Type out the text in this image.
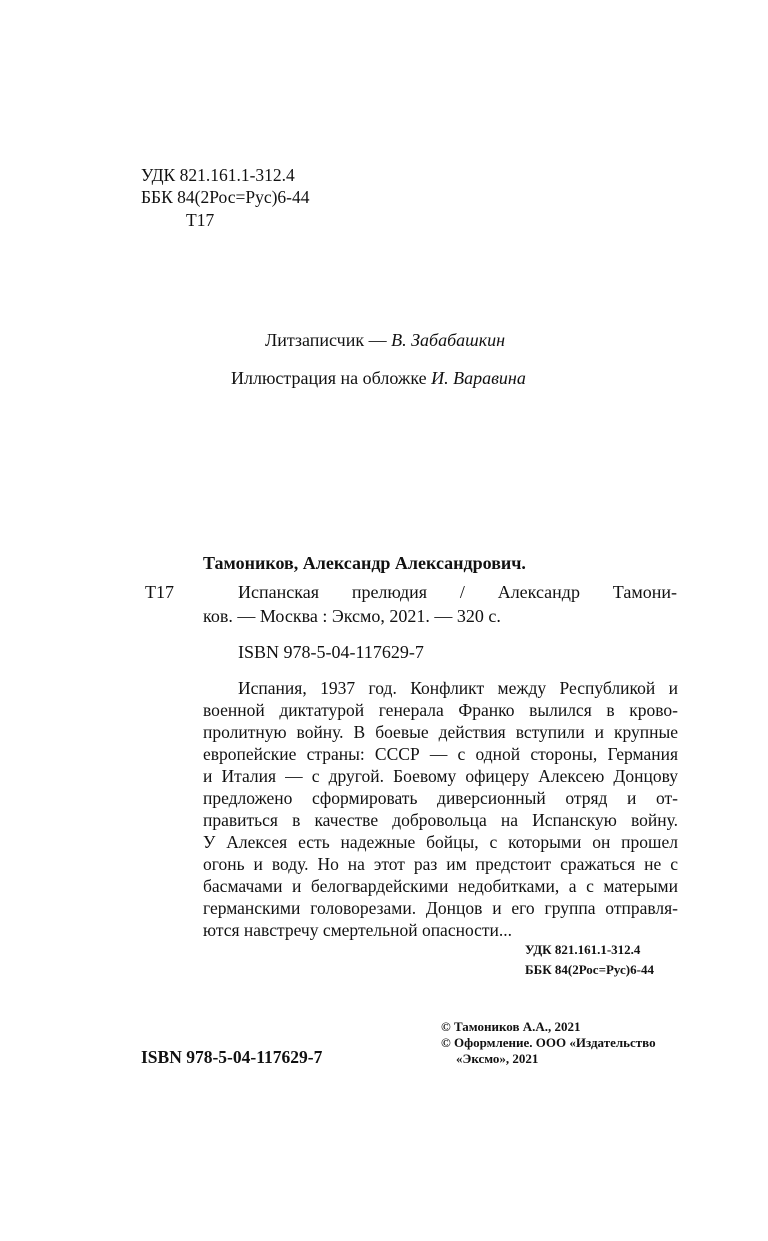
УДК 821.161.1-312.4
ББК 84(2Рос=Рус)6-44
Т17
Литзаписчик — В. Забабашкин
Иллюстрация на обложке И. Варавина
Тамоников, Александр Александрович.
Т17	Испанская прелюдия / Александр Тамони-
ков. — Москва : Эксмо, 2021. — 320 с.
ISBN 978-5-04-117629-7
Испания, 1937 год. Конфликт между Республикой и
военной диктатурой генерала Франко вылился в крово-
пролитную войну. В боевые действия вступили и крупные
европейские страны: СССР — с одной стороны, Германия
и Италия — с другой. Боевому офицеру Алексею Донцову
предложено сформировать диверсионный отряд и от-
правиться в качестве добровольца на Испанскую войну.
У Алексея есть надежные бойцы, с которыми он прошел
огонь и воду. Но на этот раз им предстоит сражаться не с
басмачами и белогвардейскими недобитками, а с матерыми
германскими головорезами. Донцов и его группа отправля-
ются навстречу смертельной опасности...
УДК 821.161.1-312.4
ББК 84(2Рос=Рус)6-44
© Тамоников А.А., 2021
© Оформление. ООО «Издательство
«Эксмо», 2021
ISBN 978-5-04-117629-7
